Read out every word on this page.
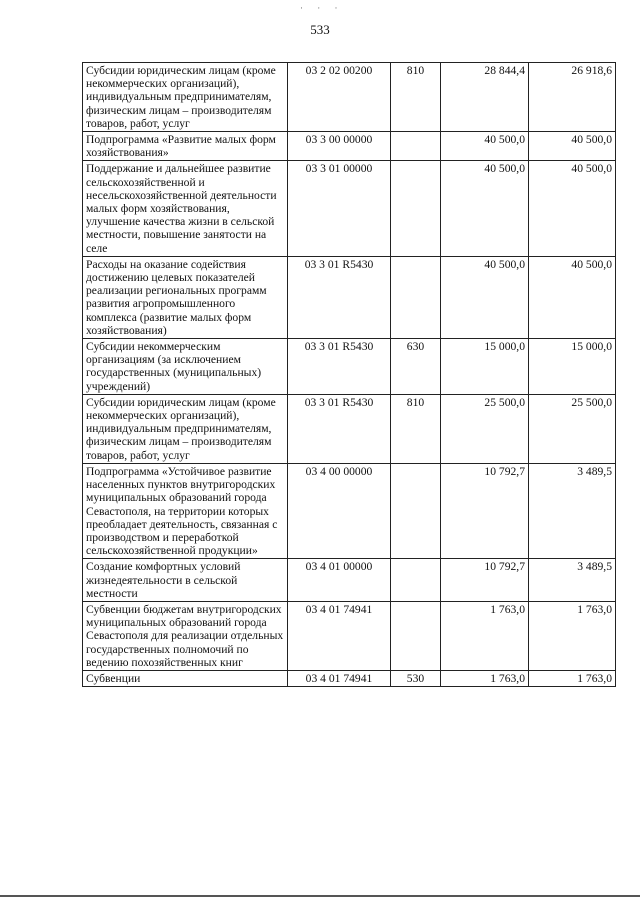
· · ·
533
Субсидии юридическим лицам (кроме некоммерческих организаций), индивидуальным предпринимателям, физическим лицам – производителям товаров, работ, услуг	03 2 02 00200	810	28 844,4	26 918,6
Подпрограмма «Развитие малых форм хозяйствования»	03 3 00 00000		40 500,0	40 500,0
Поддержание и дальнейшее развитие сельскохозяйственной и несельскохозяйственной деятельности малых форм хозяйствования, улучшение качества жизни в сельской местности, повышение занятости на селе	03 3 01 00000		40 500,0	40 500,0
Расходы на оказание содействия достижению целевых показателей реализации региональных программ развития агропромышленного комплекса (развитие малых форм хозяйствования)	03 3 01 R5430		40 500,0	40 500,0
Субсидии некоммерческим организациям (за исключением государственных (муниципальных) учреждений)	03 3 01 R5430	630	15 000,0	15 000,0
Субсидии юридическим лицам (кроме некоммерческих организаций), индивидуальным предпринимателям, физическим лицам – производителям товаров, работ, услуг	03 3 01 R5430	810	25 500,0	25 500,0
Подпрограмма «Устойчивое развитие населенных пунктов внутригородских муниципальных образований города Севастополя, на территории которых преобладает деятельность, связанная с производством и переработкой сельскохозяйственной продукции»	03 4 00 00000		10 792,7	3 489,5
Создание комфортных условий жизнедеятельности в сельской местности	03 4 01 00000		10 792,7	3 489,5
Субвенции бюджетам внутригородских муниципальных образований города Севастополя для реализации отдельных государственных полномочий по ведению похозяйственных книг	03 4 01 74941		1 763,0	1 763,0
Субвенции	03 4 01 74941	530	1 763,0	1 763,0
